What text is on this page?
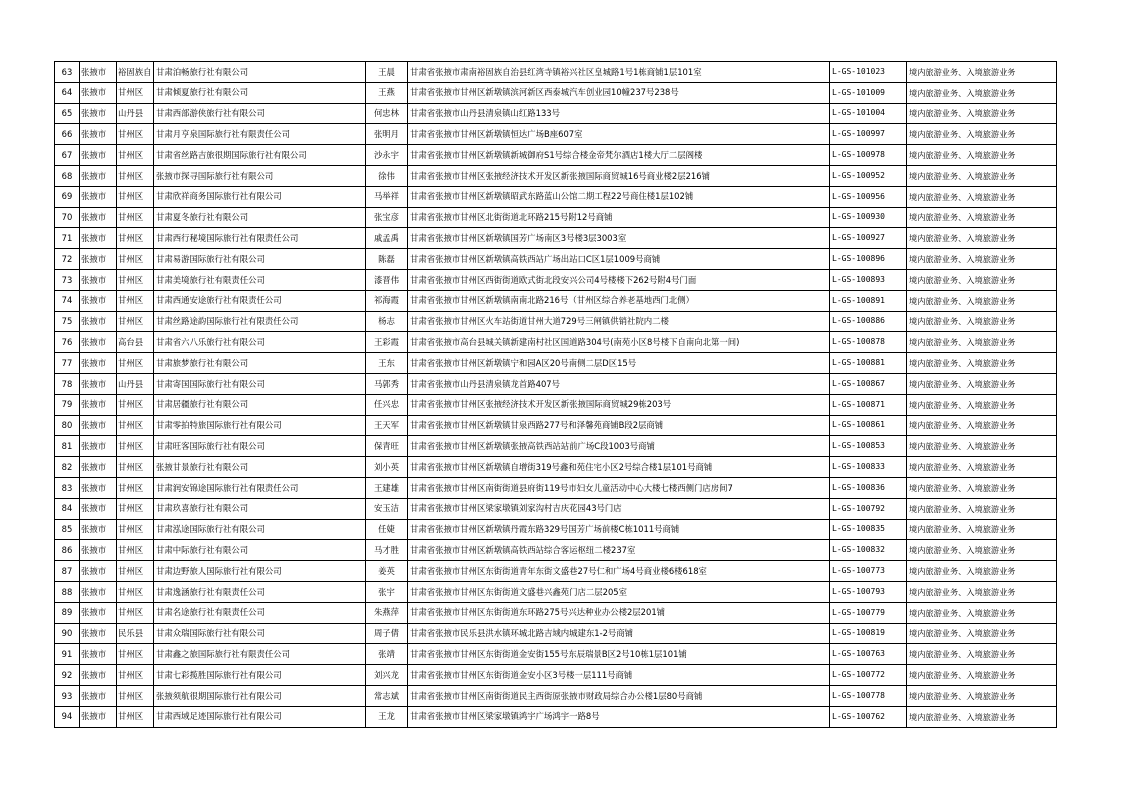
63	张掖市	裕固族自	甘肃泊畅旅行社有限公司	王晨	甘肃省张掖市肃南裕固族自治县红湾寺镇裕兴社区皇城路1号1栋商铺1层101室	L-GS-101023	境内旅游业务、入境旅游业务
64	张掖市	甘州区	甘肃倾夏旅行社有限公司	王燕	甘肃省张掖市甘州区新墩镇滨河新区西泰城汽车创业园10幢237号238号	L-GS-101009	境内旅游业务、入境旅游业务
65	张掖市	山丹县	甘肃西部游侠旅行社有限公司	何忠林	甘肃省张掖市山丹县清泉镇山红路133号	L-GS-101004	境内旅游业务、入境旅游业务
66	张掖市	甘州区	甘肃月亨泉国际旅行社有限责任公司	张明月	甘肃省张掖市甘州区新墩镇恒达广场B座607室	L-GS-100997	境内旅游业务、入境旅游业务
67	张掖市	甘州区	甘肃省丝路吉旅很期国际旅行社有限公司	沙永宇	甘肃省张掖市甘州区新墩镇新城御府S1号综合楼金帝梵尔酒店1楼大厅二层阁楼	L-GS-100978	境内旅游业务、入境旅游业务
68	张掖市	甘州区	张掖市探寻国际旅行社有限公司	徐伟	甘肃省张掖市甘州区张掖经济技术开发区新张掖国际商贸城16号商业楼2层216铺	L-GS-100952	境内旅游业务、入境旅游业务
69	张掖市	甘州区	甘肃欣祥商务国际旅行社有限公司	马举祥	甘肃省张掖市甘州区新墩镇昭武东路蓝山公馆二期工程22号商住楼1层102铺	L-GS-100956	境内旅游业务、入境旅游业务
70	张掖市	甘州区	甘肃夏冬旅行社有限公司	张宝彦	甘肃省张掖市甘州区北街街道北环路215号附12号商铺	L-GS-100930	境内旅游业务、入境旅游业务
71	张掖市	甘州区	甘肃西行秘境国际旅行社有限责任公司	戚孟禹	甘肃省张掖市甘州区新墩镇国芳广场南区3号楼3层3003室	L-GS-100927	境内旅游业务、入境旅游业务
72	张掖市	甘州区	甘肃易游国际旅行社有限公司	陈磊	甘肃省张掖市甘州区新墩镇高铁西站广场出站口C区1层1009号商铺	L-GS-100896	境内旅游业务、入境旅游业务
73	张掖市	甘州区	甘肃美境旅行社有限责任公司	漆晋伟	甘肃省张掖市甘州区西街街道欧式街北段安兴公司4号楼楼下262号附4号门面	L-GS-100893	境内旅游业务、入境旅游业务
74	张掖市	甘州区	甘肃西通安途旅行社有限责任公司	祁海霞	甘肃省张掖市甘州区新墩镇南南北路216号（甘州区综合养老基地西门北侧）	L-GS-100891	境内旅游业务、入境旅游业务
75	张掖市	甘州区	甘肃丝路途韵国际旅行社有限责任公司	杨志	甘肃省张掖市甘州区火车站街道甘州大道729号三闸镇供销社院内二楼	L-GS-100886	境内旅游业务、入境旅游业务
76	张掖市	高台县	甘肃省六八乐旅行社有限公司	王彩霞	甘肃省张掖市高台县城关镇新建南村社区国道路304号(南苑小区8号楼下自南向北第一间)	L-GS-100878	境内旅游业务、入境旅游业务
77	张掖市	甘州区	甘肃旅梦旅行社有限公司	王东	甘肃省张掖市甘州区新墩镇宁和园A区20号南侧二层D区15号	L-GS-100881	境内旅游业务、入境旅游业务
78	张掖市	山丹县	甘肃寄国国际旅行社有限公司	马郭秀	甘肃省张掖市山丹县清泉镇龙首路407号	L-GS-100867	境内旅游业务、入境旅游业务
79	张掖市	甘州区	甘肃居疆旅行社有限公司	任兴忠	甘肃省张掖市甘州区张掖经济技术开发区新张掖国际商贸城29栋203号	L-GS-100871	境内旅游业务、入境旅游业务
80	张掖市	甘州区	甘肃零拍特旅国际旅行社有限公司	王天军	甘肃省张掖市甘州区新墩镇甘泉西路277号和泽馨苑商铺B段2层商铺	L-GS-100861	境内旅游业务、入境旅游业务
81	张掖市	甘州区	甘肃旺客国际旅行社有限公司	保青旺	甘肃省张掖市甘州区新墩镇张掖高铁西站站前广场C段1003号商铺	L-GS-100853	境内旅游业务、入境旅游业务
82	张掖市	甘州区	张掖甘景旅行社有限公司	刘小英	甘肃省张掖市甘州区新墩镇自增街319号鑫和苑住宅小区2号综合楼1层101号商铺	L-GS-100833	境内旅游业务、入境旅游业务
83	张掖市	甘州区	甘肃润安锦途国际旅行社有限责任公司	王建雄	甘肃省张掖市甘州区南街街道县府街119号市妇女儿童活动中心大楼七楼西侧门店房间7	L-GS-100836	境内旅游业务、入境旅游业务
84	张掖市	甘州区	甘肃玖喜旅行社有限公司	安玉洁	甘肃省张掖市甘州区梁家墩镇刘家沟村吉庆花园43号门店	L-GS-100792	境内旅游业务、入境旅游业务
85	张掖市	甘州区	甘肃泓途国际旅行社有限公司	任婕	甘肃省张掖市甘州区新墩镇丹霞东路329号国芳广场前楼C栋1011号商铺	L-GS-100835	境内旅游业务、入境旅游业务
86	张掖市	甘州区	甘肃中际旅行社有限公司	马才胜	甘肃省张掖市甘州区新墩镇高铁西站综合客运枢纽二楼237室	L-GS-100832	境内旅游业务、入境旅游业务
87	张掖市	甘州区	甘肃边野旅人国际旅行社有限公司	姜英	甘肃省张掖市甘州区东街街道青年东街文盛巷27号仁和广场4号商业楼6楼618室	L-GS-100773	境内旅游业务、入境旅游业务
88	张掖市	甘州区	甘肃逸涵旅行社有限责任公司	张宇	甘肃省张掖市甘州区东街街道文盛巷兴鑫苑门店二层205室	L-GS-100793	境内旅游业务、入境旅游业务
89	张掖市	甘州区	甘肃名途旅行社有限责任公司	朱燕萍	甘肃省张掖市甘州区东街街道东环路275号兴达种业办公楼2层201铺	L-GS-100779	境内旅游业务、入境旅游业务
90	张掖市	民乐县	甘肃众瑞国际旅行社有限公司	周子倩	甘肃省张掖市民乐县洪水镇环城北路吉域内城建东1-2号商铺	L-GS-100819	境内旅游业务、入境旅游业务
91	张掖市	甘州区	甘肃鑫之旅国际旅行社有限责任公司	张靖	甘肃省张掖市甘州区东街街道金安街155号东辰瑞景B区2号10栋1层101铺	L-GS-100763	境内旅游业务、入境旅游业务
92	张掖市	甘州区	甘肃七彩揽胜国际旅行社有限公司	刘兴龙	甘肃省张掖市甘州区东街街道金安小区3号楼一层111号商铺	L-GS-100772	境内旅游业务、入境旅游业务
93	张掖市	甘州区	张掖须航很期国际旅行社有限公司	常志斌	甘肃省张掖市甘州区南街街道民主西街原张掖市财政局综合办公楼1层80号商铺	L-GS-100778	境内旅游业务、入境旅游业务
94	张掖市	甘州区	甘肃西域足迹国际旅行社有限公司	王龙	甘肃省张掖市甘州区梁家墩镇鸿宇广场鸿宇一路8号	L-GS-100762	境内旅游业务、入境旅游业务
